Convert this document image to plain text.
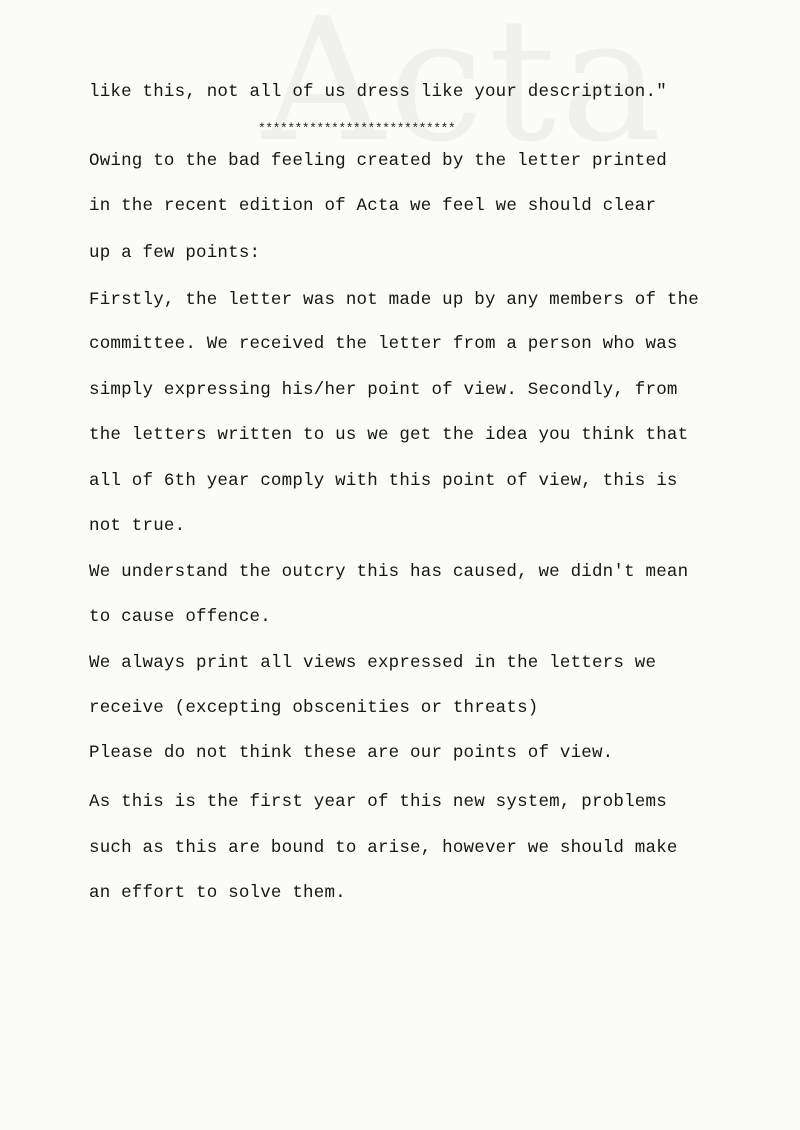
like this, not all of us dress like your description."
***************************
Owing to the bad feeling created by the letter printed
in the recent edition of Acta we feel we should clear
up a few points:
Firstly, the letter was not made up by any members of the
committee. We received the letter from a person who was
simply expressing his/her point of view. Secondly, from
the letters written to us we get the idea you think that
all of 6th year comply with this point of view, this is
not true.
We understand the outcry this has caused, we didn't mean
to cause offence.
We always print all views expressed in the letters we
receive (excepting obscenities or threats)
Please do not think these are our points of view.
As this is the first year of this new system, problems
such as this are bound to arise, however we should make
an effort to solve them.
